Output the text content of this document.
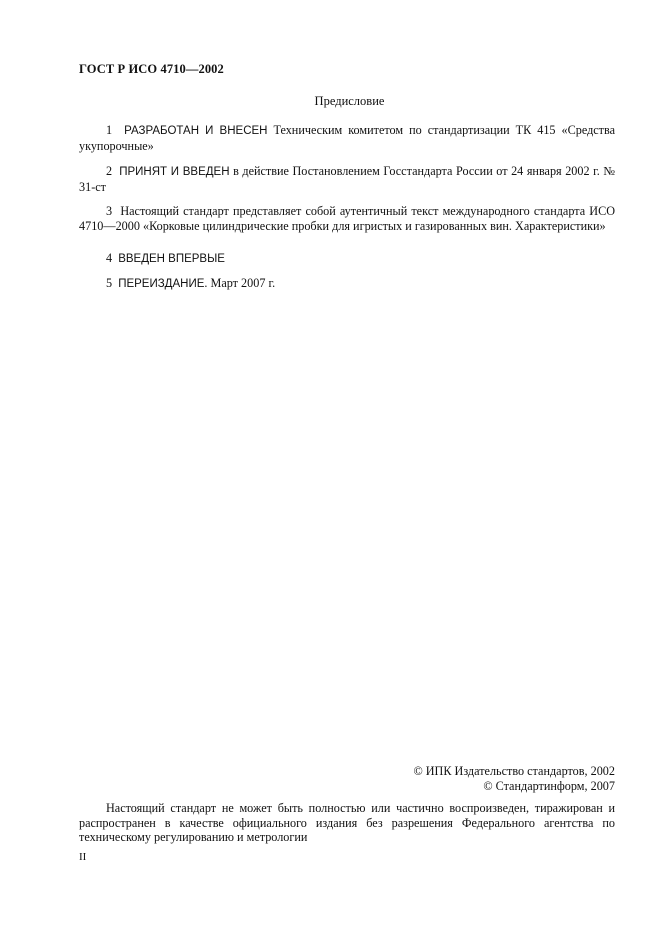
ГОСТ Р ИСО 4710—2002
Предисловие
1 РАЗРАБОТАН И ВНЕСЕН Техническим комитетом по стандартизации ТК 415 «Средства укупорочные»
2 ПРИНЯТ И ВВЕДЕН в действие Постановлением Госстандарта России от 24 января 2002 г. № 31-ст
3 Настоящий стандарт представляет собой аутентичный текст международного стандарта ИСО 4710—2000 «Корковые цилиндрические пробки для игристых и газированных вин. Характеристики»
4 ВВЕДЕН ВПЕРВЫЕ
5 ПЕРЕИЗДАНИЕ. Март 2007 г.
© ИПК Издательство стандартов, 2002
© Стандартинформ, 2007
Настоящий стандарт не может быть полностью или частично воспроизведен, тиражирован и распространен в качестве официального издания без разрешения Федерального агентства по техническому регулированию и метрологии
II
